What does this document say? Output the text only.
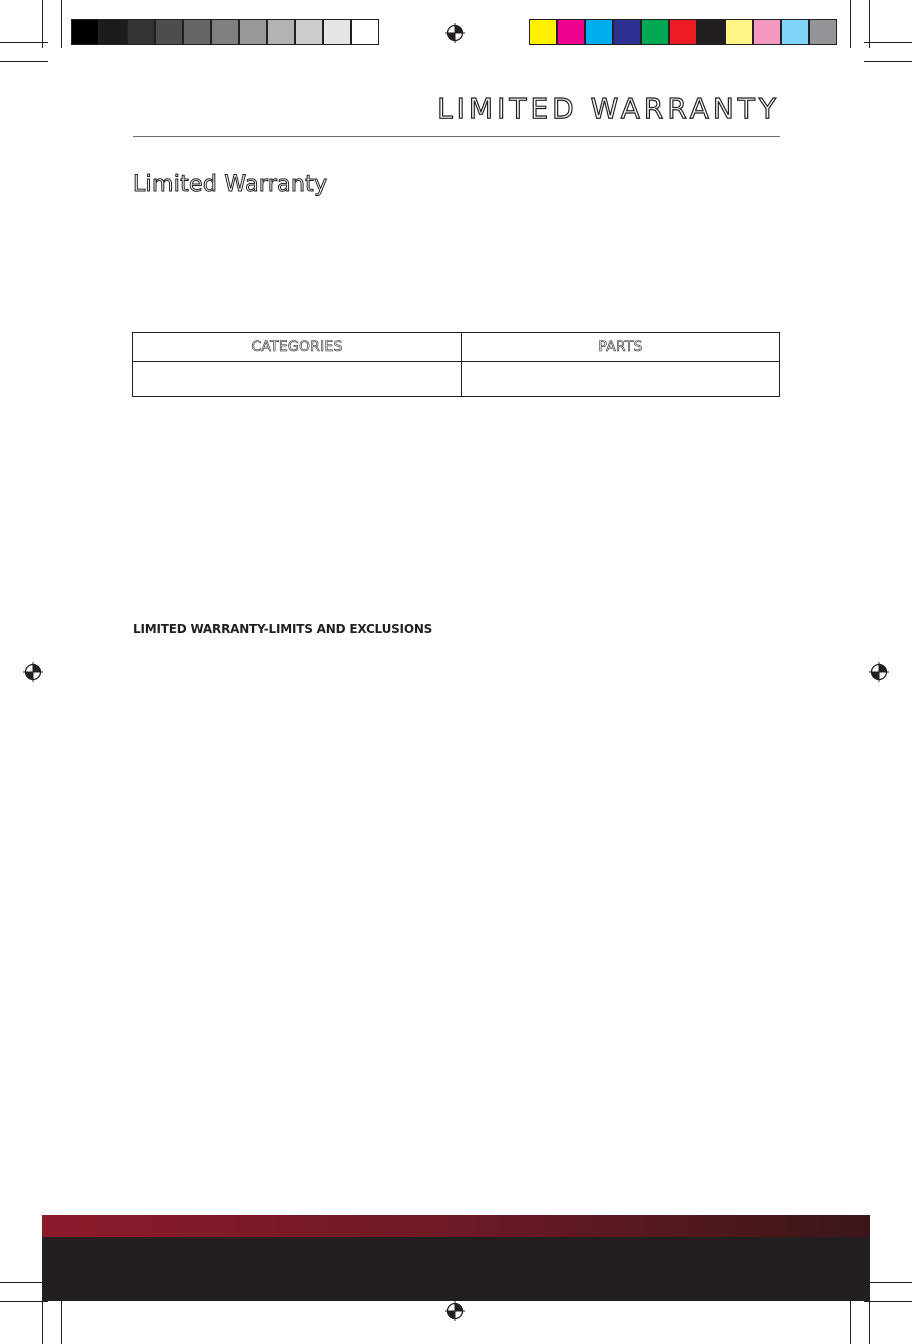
LIMITED WARRANTY
Limited Warranty
CATEGORIES	PARTS

LIMITED WARRANTY-LIMITS AND EXCLUSIONS
